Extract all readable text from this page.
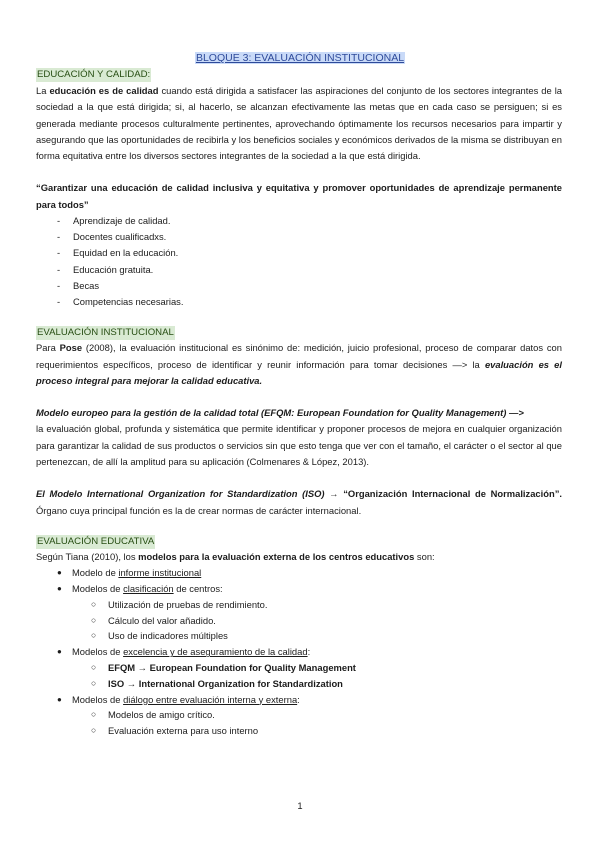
BLOQUE 3: EVALUACIÓN INSTITUCIONAL
EDUCACIÓN Y CALIDAD:

La educación es de calidad cuando está dirigida a satisfacer las aspiraciones del conjunto de los sectores integrantes de la sociedad a la que está dirigida; si, al hacerlo, se alcanzan efectivamente las metas que en cada caso se persiguen; si es generada mediante procesos culturalmente pertinentes, aprovechando óptimamente los recursos necesarios para impartir y asegurando que las oportunidades de recibirla y los beneficios sociales y económicos derivados de la misma se distribuyan en forma equitativa entre los diversos sectores integrantes de la sociedad a la que está dirigida.

“Garantizar una educación de calidad inclusiva y equitativa y promover oportunidades de aprendizaje permanente para todos”

- Aprendizaje de calidad.
- Docentes cualificadxs.
- Equidad en la educación.
- Educación gratuita.
- Becas
- Competencias necesarias.
EVALUACIÓN INSTITUCIONAL

Para Pose (2008), la evaluación institucional es sinónimo de: medición, juicio profesional, proceso de comparar datos con requerimientos específicos, proceso de identificar y reunir información para tomar decisiones —> la evaluación es el proceso integral para mejorar la calidad educativa.

Modelo europeo para la gestión de la calidad total (EFQM: European Foundation for Quality Management) —>

la evaluación global, profunda y sistemática que permite identificar y proponer procesos de mejora en cualquier organización para garantizar la calidad de sus productos o servicios sin que esto tenga que ver con el tamaño, el carácter o el sector al que pertenezcan, de allí la amplitud para su aplicación (Colmenares & López, 2013).

El Modelo International Organization for Standardization (ISO) → “Organización Internacional de Normalización”. Órgano cuya principal función es la de crear normas de carácter internacional.

EVALUACIÓN EDUCATIVA

Según Tiana (2010), los modelos para la evaluación externa de los centros educativos son:

● Modelo de informe institucional
● Modelos de clasificación de centros:
○ Utilización de pruebas de rendimiento.
○ Cálculo del valor añadido.
○ Uso de indicadores múltiples
● Modelos de excelencia y de aseguramiento de la calidad:
○ EFQM → European Foundation for Quality Management
○ ISO → International Organization for Standardization
● Modelos de diálogo entre evaluación interna y externa:
○ Modelos de amigo crítico.
○ Evaluación externa para uso interno
1
